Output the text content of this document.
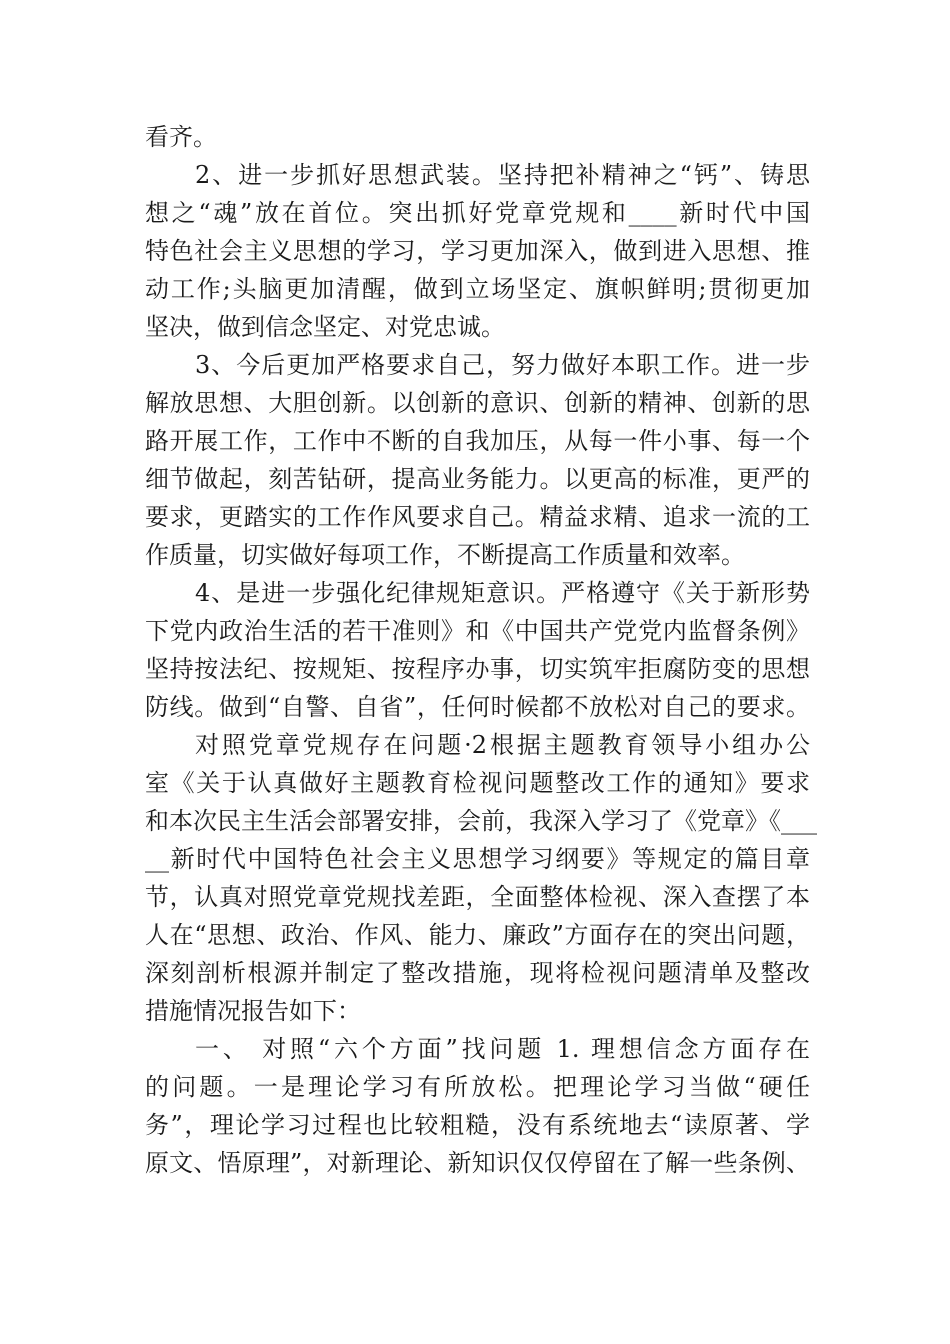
看齐。
2、进一步抓好思想武装。坚持把补精神之“钙”、铸思
想之“魂”放在首位。突出抓好党章党规和____新时代中国
特色社会主义思想的学习，学习更加深入，做到进入思想、推
动工作;头脑更加清醒，做到立场坚定、旗帜鲜明;贯彻更加
坚决，做到信念坚定、对党忠诚。
3、今后更加严格要求自己，努力做好本职工作。进一步
解放思想、大胆创新。以创新的意识、创新的精神、创新的思
路开展工作，工作中不断的自我加压，从每一件小事、每一个
细节做起，刻苦钻研，提高业务能力。以更高的标准，更严的
要求，更踏实的工作作风要求自己。精益求精、追求一流的工
作质量，切实做好每项工作，不断提高工作质量和效率。
4、是进一步强化纪律规矩意识。严格遵守《关于新形势
下党内政治生活的若干准则》和《中国共产党党内监督条例》
坚持按法纪、按规矩、按程序办事，切实筑牢拒腐防变的思想
防线。做到“自警、自省”，任何时候都不放松对自己的要求。
对照党章党规存在问题·2根据主题教育领导小组办公
室《关于认真做好主题教育检视问题整改工作的通知》要求
和本次民主生活会部署安排，会前，我深入学习了《党章》《___
__新时代中国特色社会主义思想学习纲要》等规定的篇目章
节，认真对照党章党规找差距，全面整体检视、深入查摆了本
人在“思想、政治、作风、能力、廉政”方面存在的突出问题，
深刻剖析根源并制定了整改措施，现将检视问题清单及整改
措施情况报告如下：
一、 对照“六个方面”找问题 1. 理想信念方面存在
的问题。一是理论学习有所放松。把理论学习当做“硬任
务”，理论学习过程也比较粗糙，没有系统地去“读原著、学
原文、悟原理”，对新理论、新知识仅仅停留在了解一些条例、
